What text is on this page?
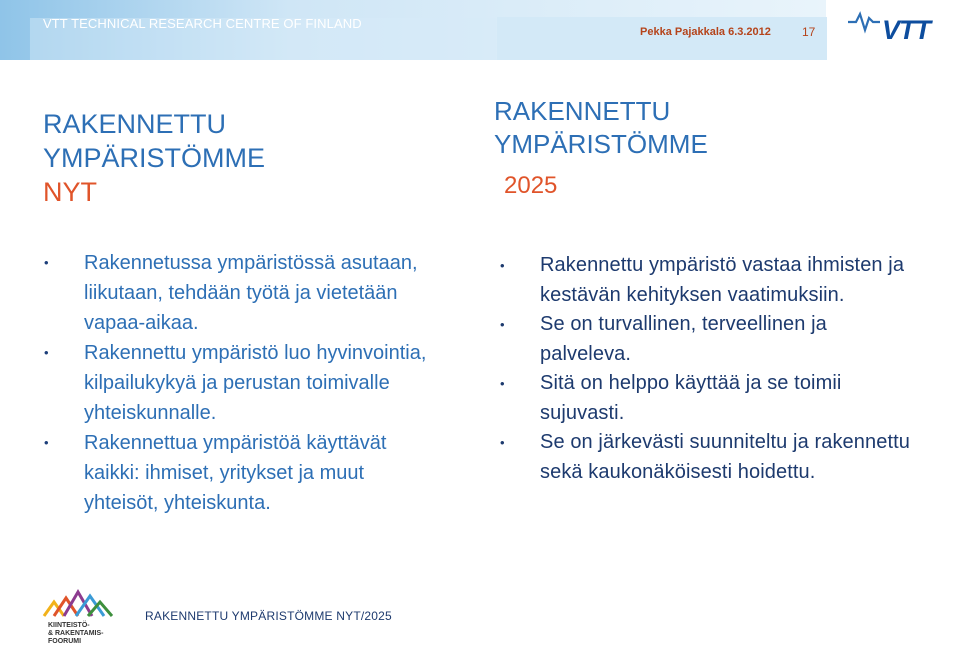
VTT TECHNICAL RESEARCH CENTRE OF FINLAND
Pekka Pajakkala 6.3.2012	17 VTT
RAKENNETTU
YMPÄRISTÖMME
NYT
•	Rakennetussa ympäristössä asutaan, liikutaan, tehdään työtä ja vietetään vapaa-aikaa.
•	Rakennettu ympäristö luo hyvinvointia, kilpailukykyä ja perustan toimivalle yhteiskunnalle.
•	Rakennettua ympäristöä käyttävät kaikki: ihmiset, yritykset ja muut yhteisöt, yhteiskunta.
RAKENNETTU
YMPÄRISTÖMME
2025
•	Rakennettu ympäristö vastaa ihmisten ja kestävän kehityksen vaatimuksiin.
•	Se on turvallinen, terveellinen ja palveleva.
•	Sitä on helppo käyttää ja se toimii sujuvasti.
•	Se on järkevästi suunniteltu ja rakennettu sekä kaukonäköisesti hoidettu.
KIINTEISTÖ-
& RAKENTAMIS-
FOORUMI
RAKENNETTU YMPÄRISTÖMME NYT/2025
